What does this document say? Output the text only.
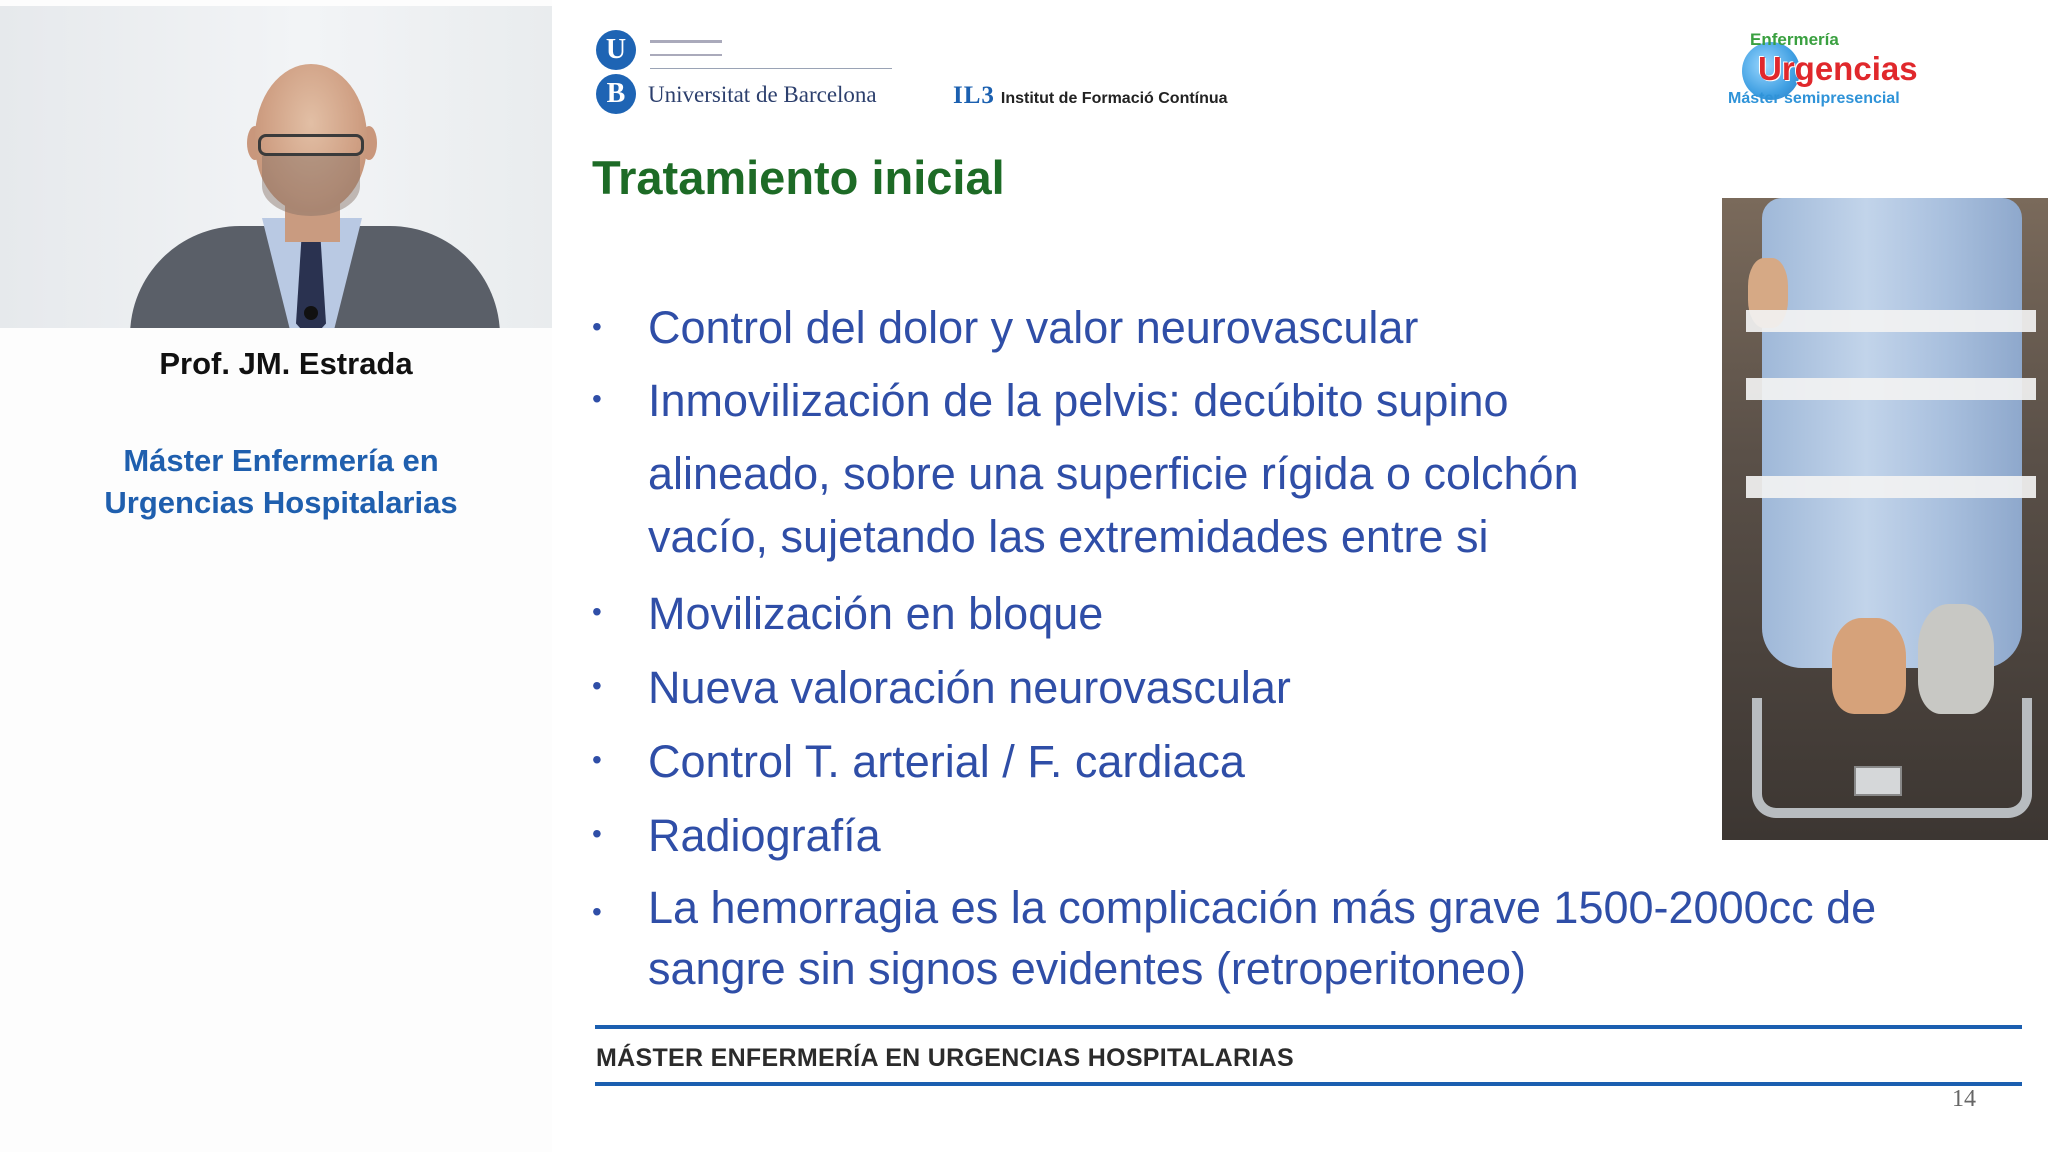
Prof. JM. Estrada
Máster Enfermería en
Urgencias Hospitalarias
U
B Universitat de Barcelona	IL3 Institut de Formació Contínua
Enfermería
Urgencias
Máster semipresencial
Tratamiento inicial
•	Control del dolor y valor neurovascular
•	Inmovilización de la pelvis: decúbito supino
alineado, sobre una superficie rígida o colchón
vacío, sujetando las extremidades entre si
•	Movilización en bloque
•	Nueva valoración neurovascular
•	Control T. arterial / F. cardiaca
•	Radiografía
•	La hemorragia es la complicación más grave 1500-2000cc de sangre sin signos evidentes (retroperitoneo)
MÁSTER ENFERMERÍA EN URGENCIAS HOSPITALARIAS
14
